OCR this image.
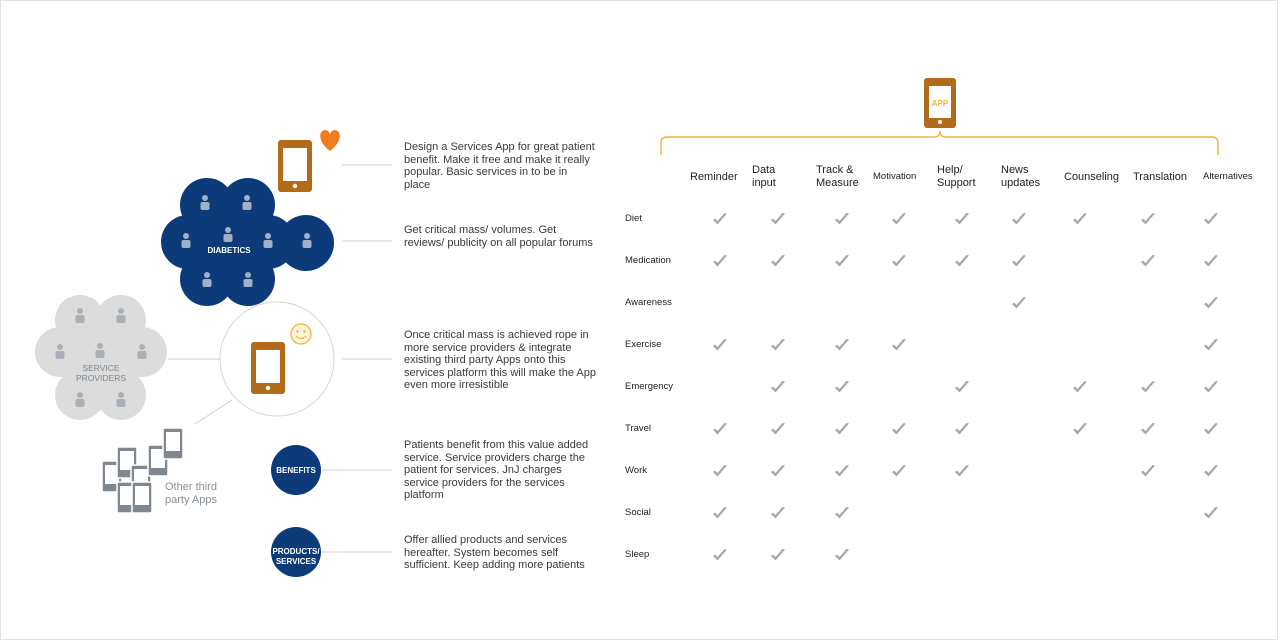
DIABETICS
SERVICE
PROVIDERS
Other third
party Apps
BENEFITS
PRODUCTS/
SERVICES
APP
Design a Services App for great patient benefit. Make it free and make it really popular. Basic services in to be in place
Get critical mass/ volumes. Get reviews/ publicity on all popular forums
Once critical mass is achieved rope in more service providers & integrate existing third party Apps onto this services platform this will make the App even more irresistible
Patients benefit from this value added service. Service providers charge the patient for services. JnJ charges service providers for the services platform
Offer allied products and services hereafter. System becomes self sufficient. Keep adding more patients
Reminder
Data
input
Track &
Measure Motivation
Help/
Support
News
updates Counseling Translation Alternatives
Diet
Medication
Awareness
Exercise
Emergency
Travel
Work
Social
Sleep
